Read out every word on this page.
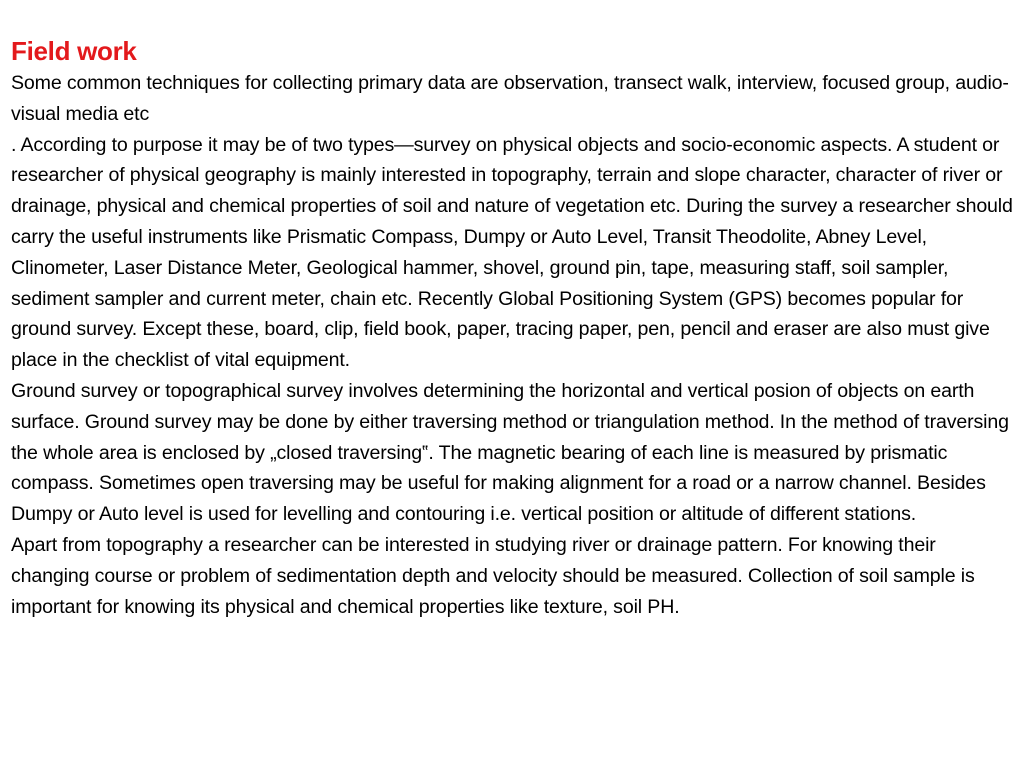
Field work
Some common techniques for collecting primary data are observation, transect walk, interview, focused group, audio-visual media etc
. According to purpose it may be of two types—survey on physical objects and socio-economic aspects. A student or researcher of physical geography is mainly interested in topography, terrain and slope character, character of river or drainage, physical and chemical properties of soil and nature of vegetation etc. During the survey a researcher should carry the useful instruments like Prismatic Compass, Dumpy or Auto Level, Transit Theodolite, Abney Level, Clinometer, Laser Distance Meter, Geological hammer, shovel, ground pin, tape, measuring staff, soil sampler, sediment sampler and current meter, chain etc. Recently Global Positioning System (GPS) becomes popular for ground survey. Except these, board, clip, field book, paper, tracing paper, pen, pencil and eraser are also must give place in the checklist of vital equipment.
Ground survey or topographical survey involves determining the horizontal and vertical posion of objects on earth surface. Ground survey may be done by either traversing method or triangulation method. In the method of traversing the whole area is enclosed by „closed traversing‟. The magnetic bearing of each line is measured by prismatic compass. Sometimes open traversing may be useful for making alignment for a road or a narrow channel. Besides Dumpy or Auto level is used for levelling and contouring i.e. vertical position or altitude of different stations.
Apart from topography a researcher can be interested in studying river or drainage pattern. For knowing their changing course or problem of sedimentation depth and velocity should be measured. Collection of soil sample is important for knowing its physical and chemical properties like texture, soil PH.
